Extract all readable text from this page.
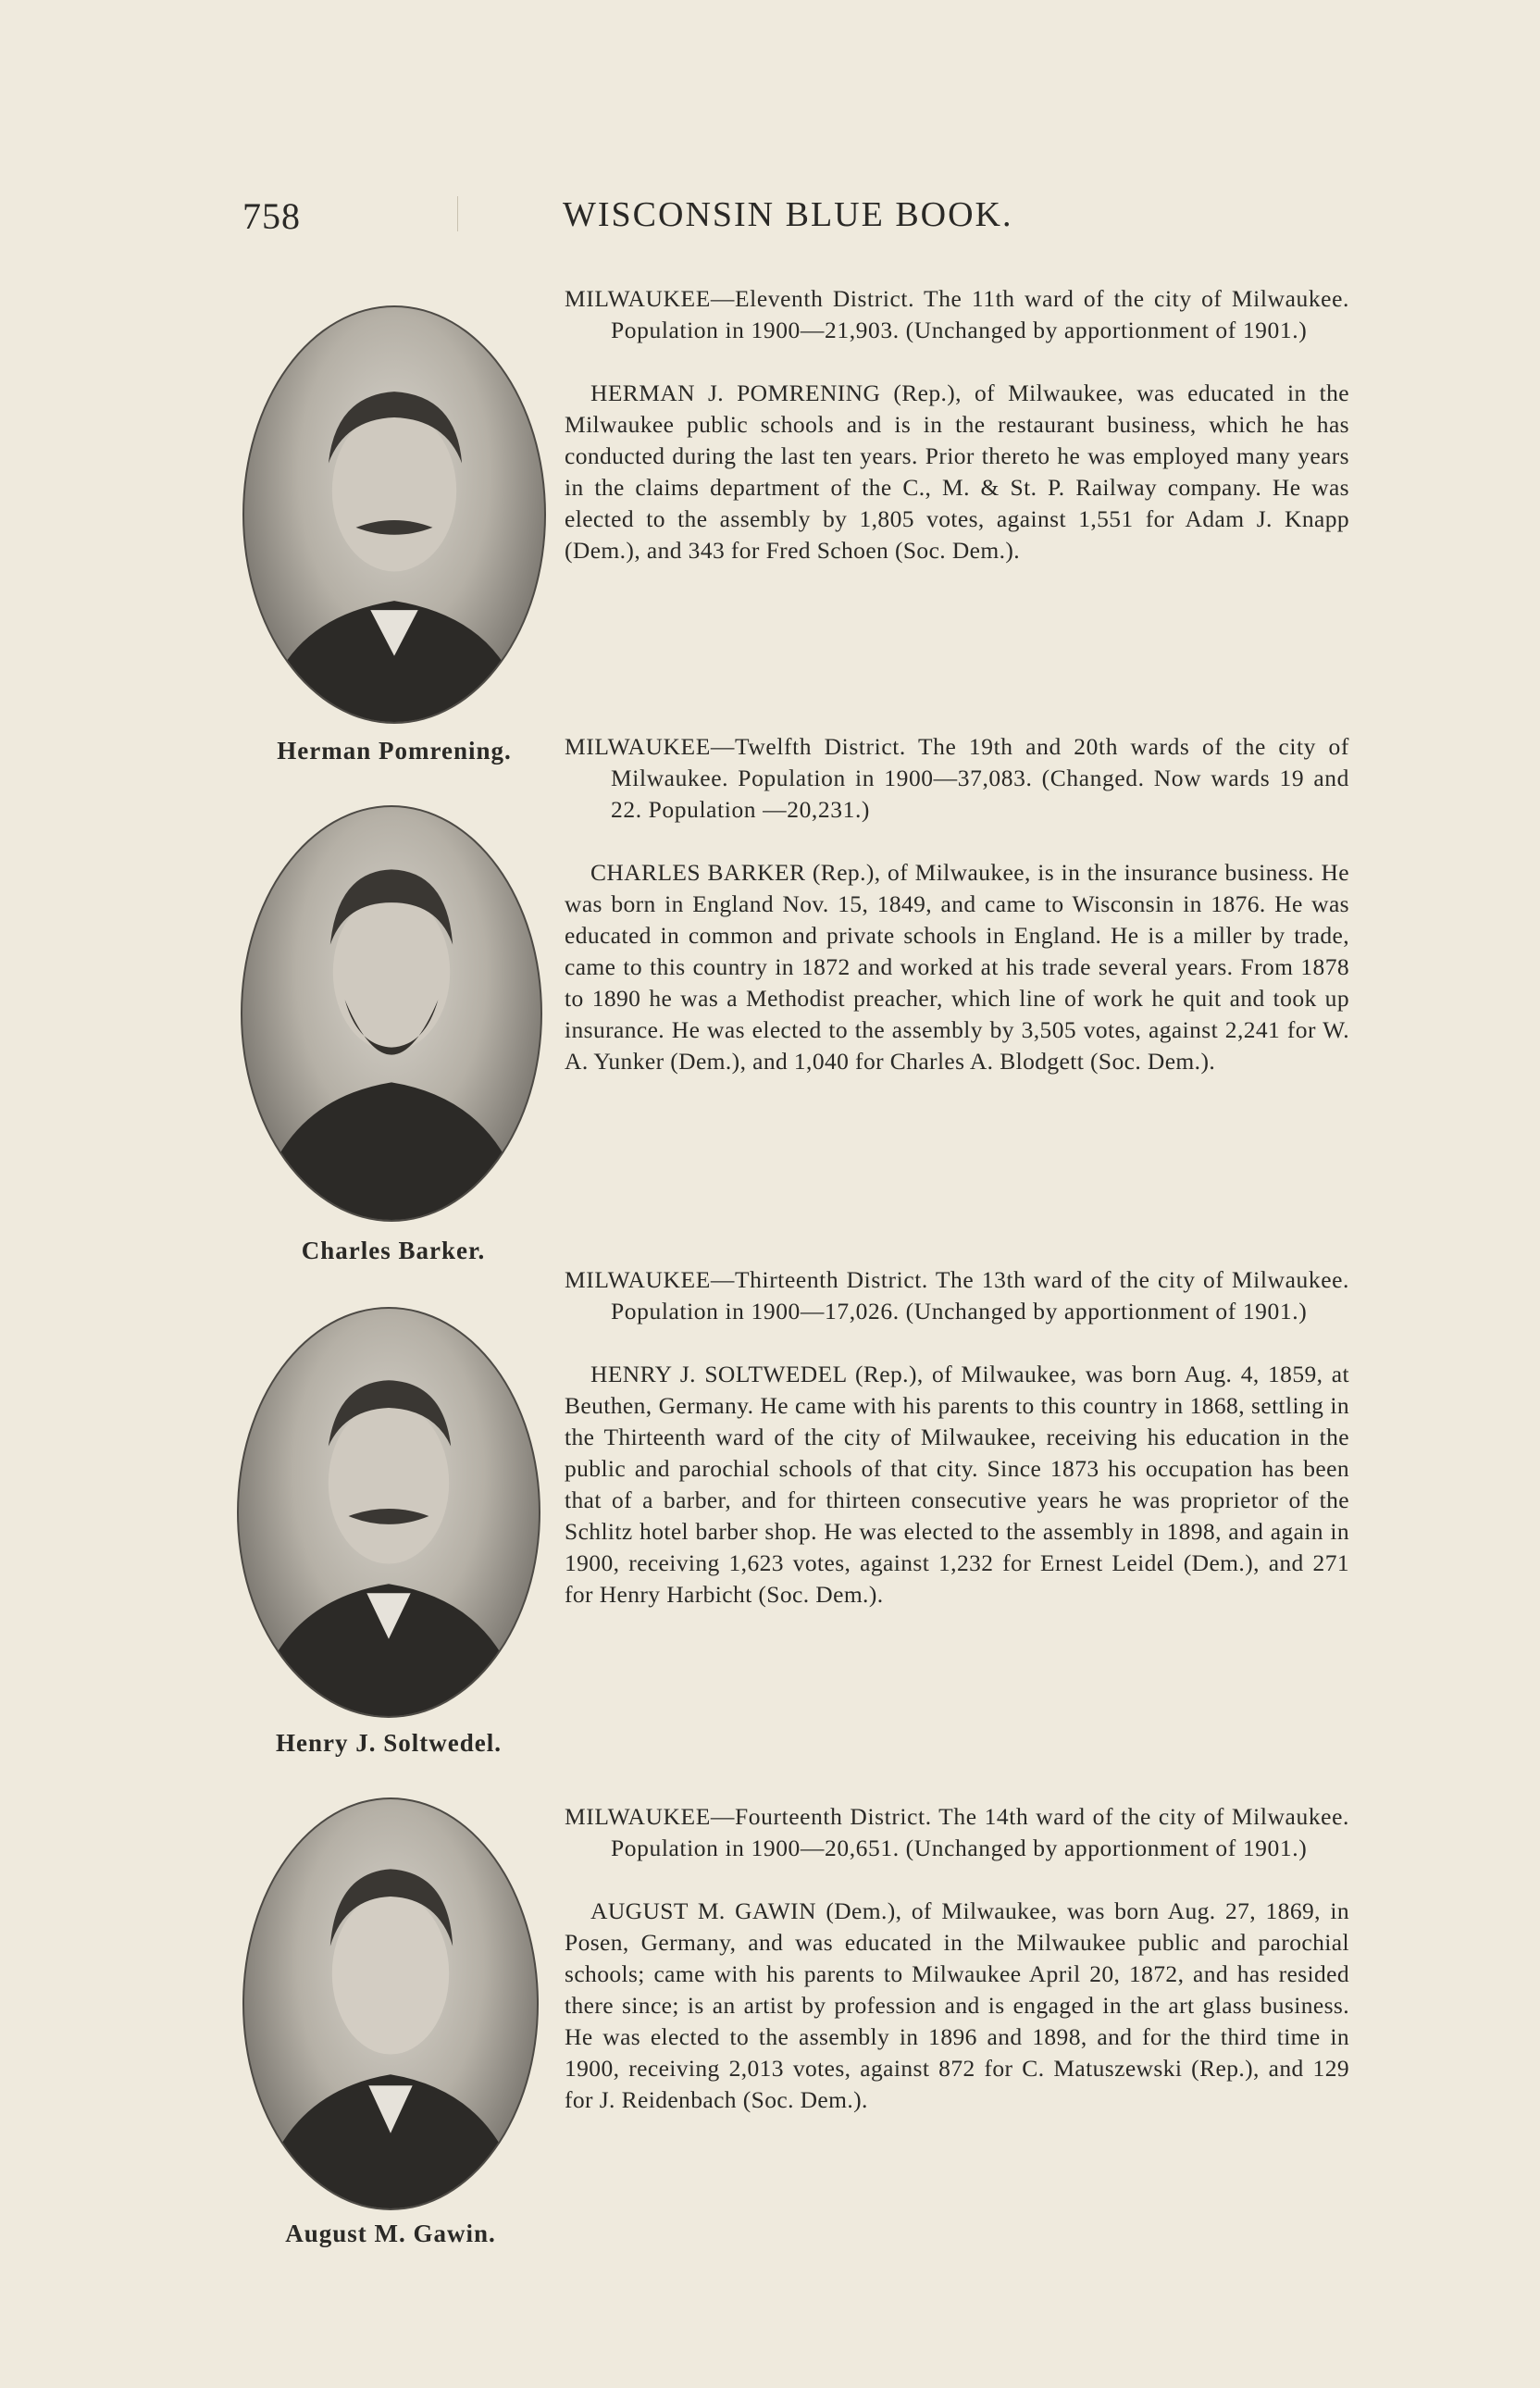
758	WISCONSIN BLUE BOOK.
Herman Pomrening.

MILWAUKEE—Eleventh District. The 11th ward of the city of Milwaukee. Population in 1900—21,903. (Unchanged by apportionment of 1901.)

HERMAN J. POMRENING (Rep.), of Milwaukee, was educated in the Milwaukee public schools and is in the restaurant business, which he has conducted during the last ten years. Prior thereto he was employed many years in the claims department of the C., M. & St. P. Railway company. He was elected to the assembly by 1,805 votes, against 1,551 for Adam J. Knapp (Dem.), and 343 for Fred Schoen (Soc. Dem.).

Charles Barker.

MILWAUKEE—Twelfth District. The 19th and 20th wards of the city of Milwaukee. Population in 1900—37,083. (Changed. Now wards 19 and 22. Population —20,231.)

CHARLES BARKER (Rep.), of Milwaukee, is in the insurance business. He was born in England Nov. 15, 1849, and came to Wisconsin in 1876. He was educated in common and private schools in England. He is a miller by trade, came to this country in 1872 and worked at his trade several years. From 1878 to 1890 he was a Methodist preacher, which line of work he quit and took up insurance. He was elected to the assembly by 3,505 votes, against 2,241 for W. A. Yunker (Dem.), and 1,040 for Charles A. Blodgett (Soc. Dem.).

Henry J. Soltwedel.

MILWAUKEE—Thirteenth District. The 13th ward of the city of Milwaukee. Population in 1900—17,026. (Unchanged by apportionment of 1901.)

HENRY J. SOLTWEDEL (Rep.), of Milwaukee, was born Aug. 4, 1859, at Beuthen, Germany. He came with his parents to this country in 1868, settling in the Thirteenth ward of the city of Milwaukee, receiving his education in the public and parochial schools of that city. Since 1873 his occupation has been that of a barber, and for thirteen consecutive years he was proprietor of the Schlitz hotel barber shop. He was elected to the assembly in 1898, and again in 1900, receiving 1,623 votes, against 1,232 for Ernest Leidel (Dem.), and 271 for Henry Harbicht (Soc. Dem.).

August M. Gawin.

MILWAUKEE—Fourteenth District. The 14th ward of the city of Milwaukee. Population in 1900—20,651. (Unchanged by apportionment of 1901.)

AUGUST M. GAWIN (Dem.), of Milwaukee, was born Aug. 27, 1869, in Posen, Germany, and was educated in the Milwaukee public and parochial schools; came with his parents to Milwaukee April 20, 1872, and has resided there since; is an artist by profession and is engaged in the art glass business. He was elected to the assembly in 1896 and 1898, and for the third time in 1900, receiving 2,013 votes, against 872 for C. Matuszewski (Rep.), and 129 for J. Reidenbach (Soc. Dem.).
